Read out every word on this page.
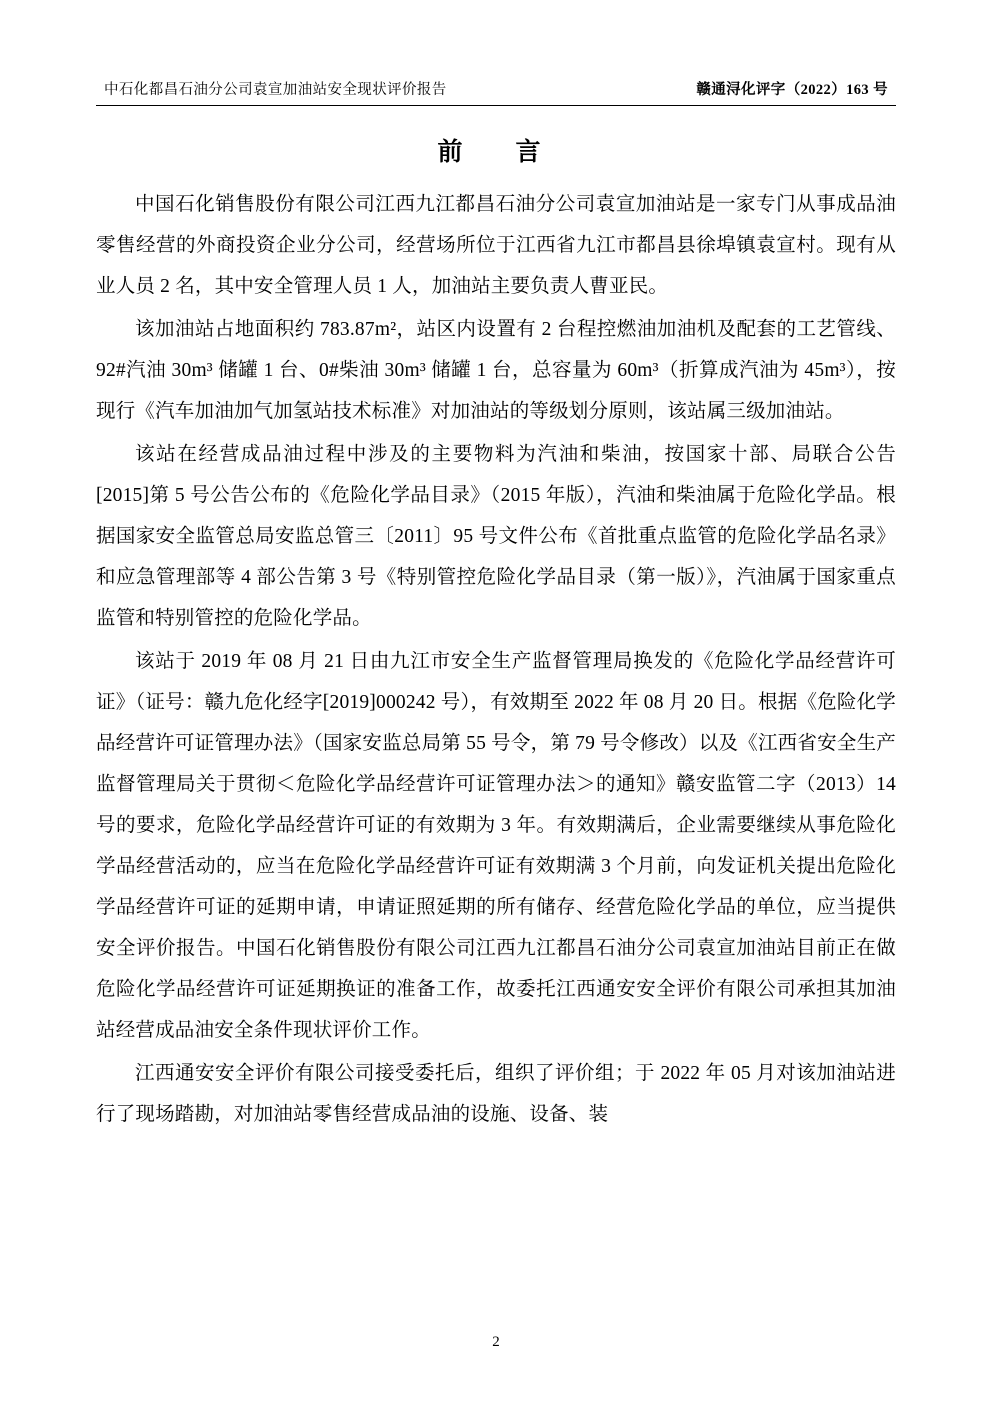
中石化都昌石油分公司袁宣加油站安全现状评价报告	赣通浔化评字（2022）163 号
前　言

中国石化销售股份有限公司江西九江都昌石油分公司袁宣加油站是一家专门从事成品油零售经营的外商投资企业分公司，经营场所位于江西省九江市都昌县徐埠镇袁宣村。现有从业人员 2 名，其中安全管理人员 1 人，加油站主要负责人曹亚民。

该加油站占地面积约 783.87m²，站区内设置有 2 台程控燃油加油机及配套的工艺管线、92#汽油 30m³ 储罐 1 台、0#柴油 30m³ 储罐 1 台，总容量为 60m³（折算成汽油为 45m³），按现行《汽车加油加气加氢站技术标准》对加油站的等级划分原则，该站属三级加油站。

该站在经营成品油过程中涉及的主要物料为汽油和柴油，按国家十部、局联合公告[2015]第 5 号公告公布的《危险化学品目录》（2015 年版），汽油和柴油属于危险化学品。根据国家安全监管总局安监总管三〔2011〕95 号文件公布《首批重点监管的危险化学品名录》和应急管理部等 4 部公告第 3 号《特别管控危险化学品目录（第一版）》，汽油属于国家重点监管和特别管控的危险化学品。

该站于 2019 年 08 月 21 日由九江市安全生产监督管理局换发的《危险化学品经营许可证》（证号：赣九危化经字[2019]000242 号），有效期至 2022 年 08 月 20 日。根据《危险化学品经营许可证管理办法》（国家安监总局第 55 号令，第 79 号令修改）以及《江西省安全生产监督管理局关于贯彻＜危险化学品经营许可证管理办法＞的通知》赣安监管二字（2013）14 号的要求，危险化学品经营许可证的有效期为 3 年。有效期满后，企业需要继续从事危险化学品经营活动的，应当在危险化学品经营许可证有效期满 3 个月前，向发证机关提出危险化学品经营许可证的延期申请，申请证照延期的所有储存、经营危险化学品的单位，应当提供安全评价报告。中国石化销售股份有限公司江西九江都昌石油分公司袁宣加油站目前正在做危险化学品经营许可证延期换证的准备工作，故委托江西通安安全评价有限公司承担其加油站经营成品油安全条件现状评价工作。

江西通安安全评价有限公司接受委托后，组织了评价组；于 2022 年 05 月对该加油站进行了现场踏勘，对加油站零售经营成品油的设施、设备、装

2
